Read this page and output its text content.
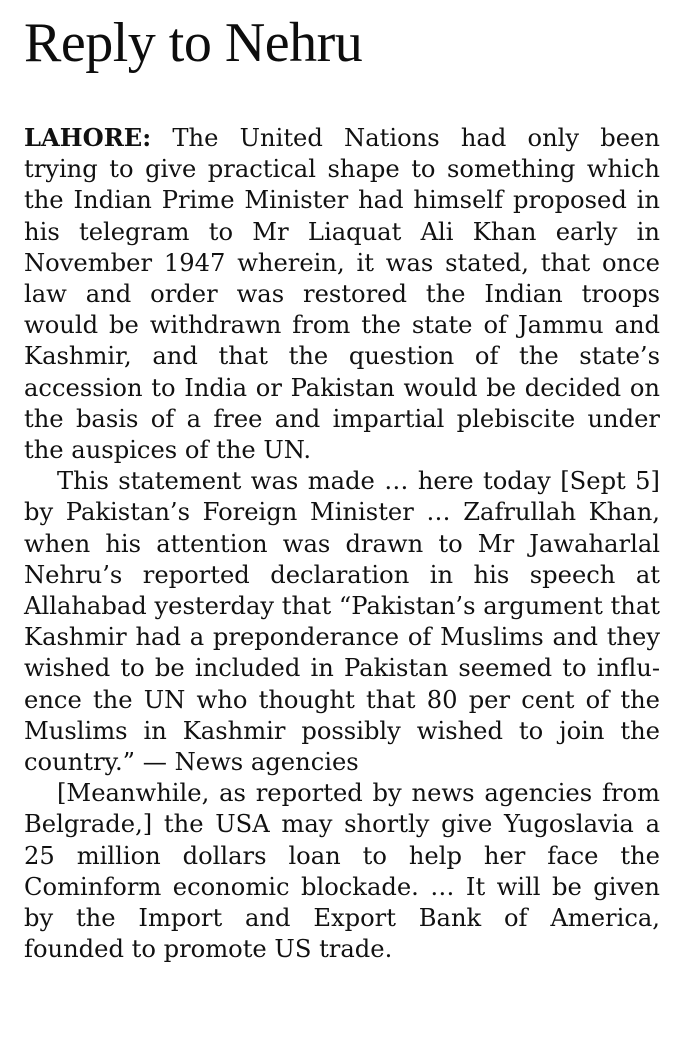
Reply to Nehru

LAHORE: The United Nations had only been trying to give practical shape to something which the Indian Prime Minister had himself proposed in his telegram to Mr Liaquat Ali Khan early in November 1947 wherein, it was stated, that once law and order was restored the Indian troops would be withdrawn from the state of Jammu and Kashmir, and that the question of the state’s accession to India or Pakistan would be decided on the basis of a free and impartial plebiscite under the auspices of the UN.

This statement was made … here today [Sept 5] by Pakistan’s Foreign Minister … Zafrullah Khan, when his attention was drawn to Mr Jawaharlal Nehru’s reported declaration in his speech at Allahabad yesterday that “Pakistan’s argument that Kashmir had a preponderance of Muslims and they wished to be included in Pakistan seemed to influence the UN who thought that 80 per cent of the Muslims in Kashmir possibly wished to join the country.” — News agencies

[Meanwhile, as reported by news agencies from Belgrade,] the USA may shortly give Yugoslavia a 25 million dollars loan to help her face the Cominform economic blockade. … It will be given by the Import and Export Bank of America, founded to promote US trade.
